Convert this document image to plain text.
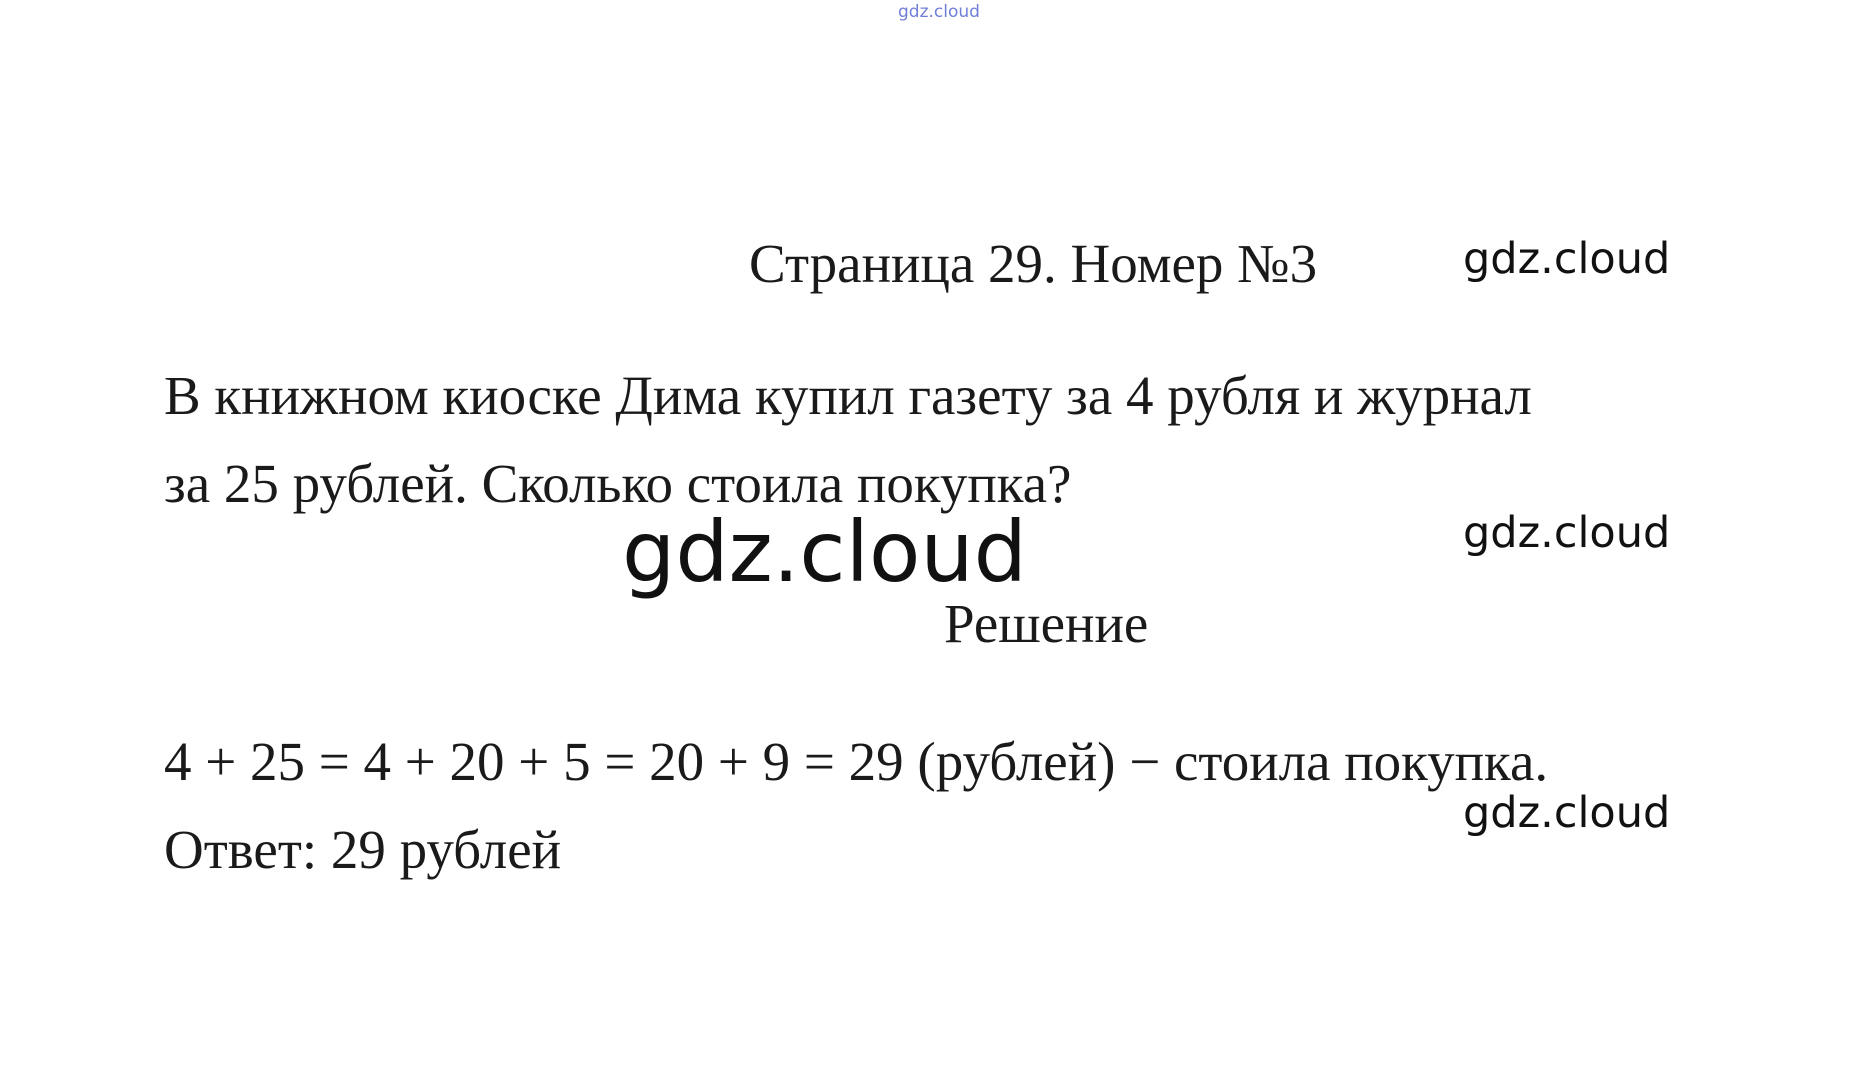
gdz.cloud
Страница 29. Номер №3	gdz.cloud
В книжном киоске Дима купил газету за 4 рубля и журнал
за 25 рублей. Сколько стоила покупка?
gdz.cloud	gdz.cloud
Решение
4 + 25 = 4 + 20 + 5 = 20 + 9 = 29 (рублей) − стоила покупка.
gdz.cloud
Ответ: 29 рублей
